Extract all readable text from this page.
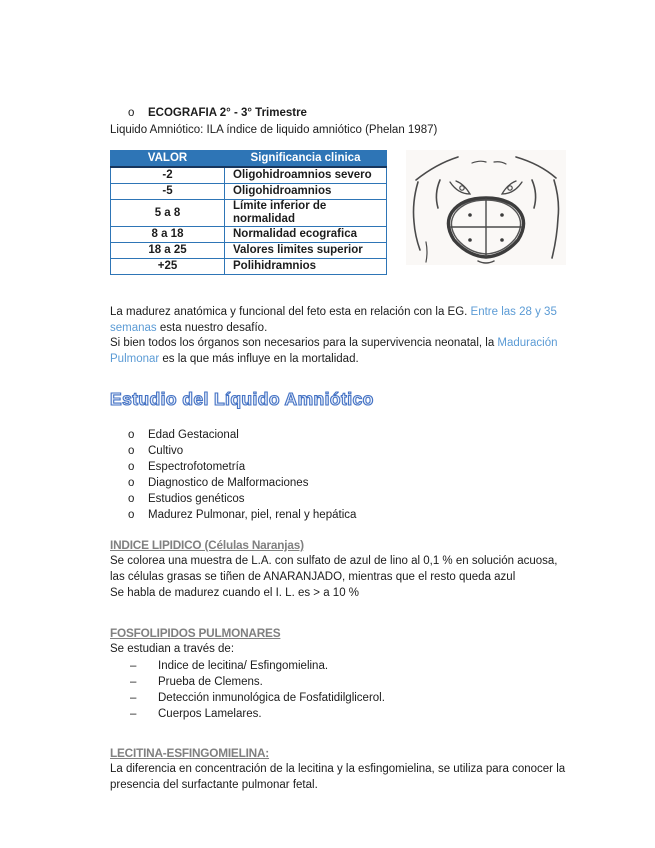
o	ECOGRAFIA 2° - 3° Trimestre
Liquido Amniótico: ILA índice de liquido amniótico (Phelan 1987)
VALOR	Significancia clinica
-2	Oligohidroamnios severo
-5	Oligohidroamnios
5 a 8	Límite inferior de normalidad
8 a 18	Normalidad ecografica
18 a 25	Valores limites superior
+25	Polihidramnios

La madurez anatómica y funcional del feto esta en relación con la EG. Entre las 28 y 35 semanas esta nuestro desafío.

Si bien todos los órganos son necesarios para la supervivencia neonatal, la Maduración Pulmonar es la que más influye en la mortalidad.

Estudio del Líquido Amniótico
o	Edad Gestacional
o	Cultivo
o	Espectrofotometría
o	Diagnostico de Malformaciones
o	Estudios genéticos
o	Madurez Pulmonar, piel, renal y hepática
INDICE LIPIDICO (Células Naranjas)

Se colorea una muestra de L.A. con sulfato de azul de lino al 0,1 % en solución acuosa, las células grasas se tiñen de ANARANJADO, mientras que el resto queda azul

Se habla de madurez cuando el I. L. es > a 10 %

FOSFOLIPIDOS PULMONARES

Se estudian a través de:

–	Indice de lecitina/ Esfingomielina.
–	Prueba de Clemens.
–	Detección inmunológica de Fosfatidilglicerol.
–	Cuerpos Lamelares.
LECITINA-ESFINGOMIELINA:

La diferencia en concentración de la lecitina y la esfingomielina, se utiliza para conocer la presencia del surfactante pulmonar fetal.
